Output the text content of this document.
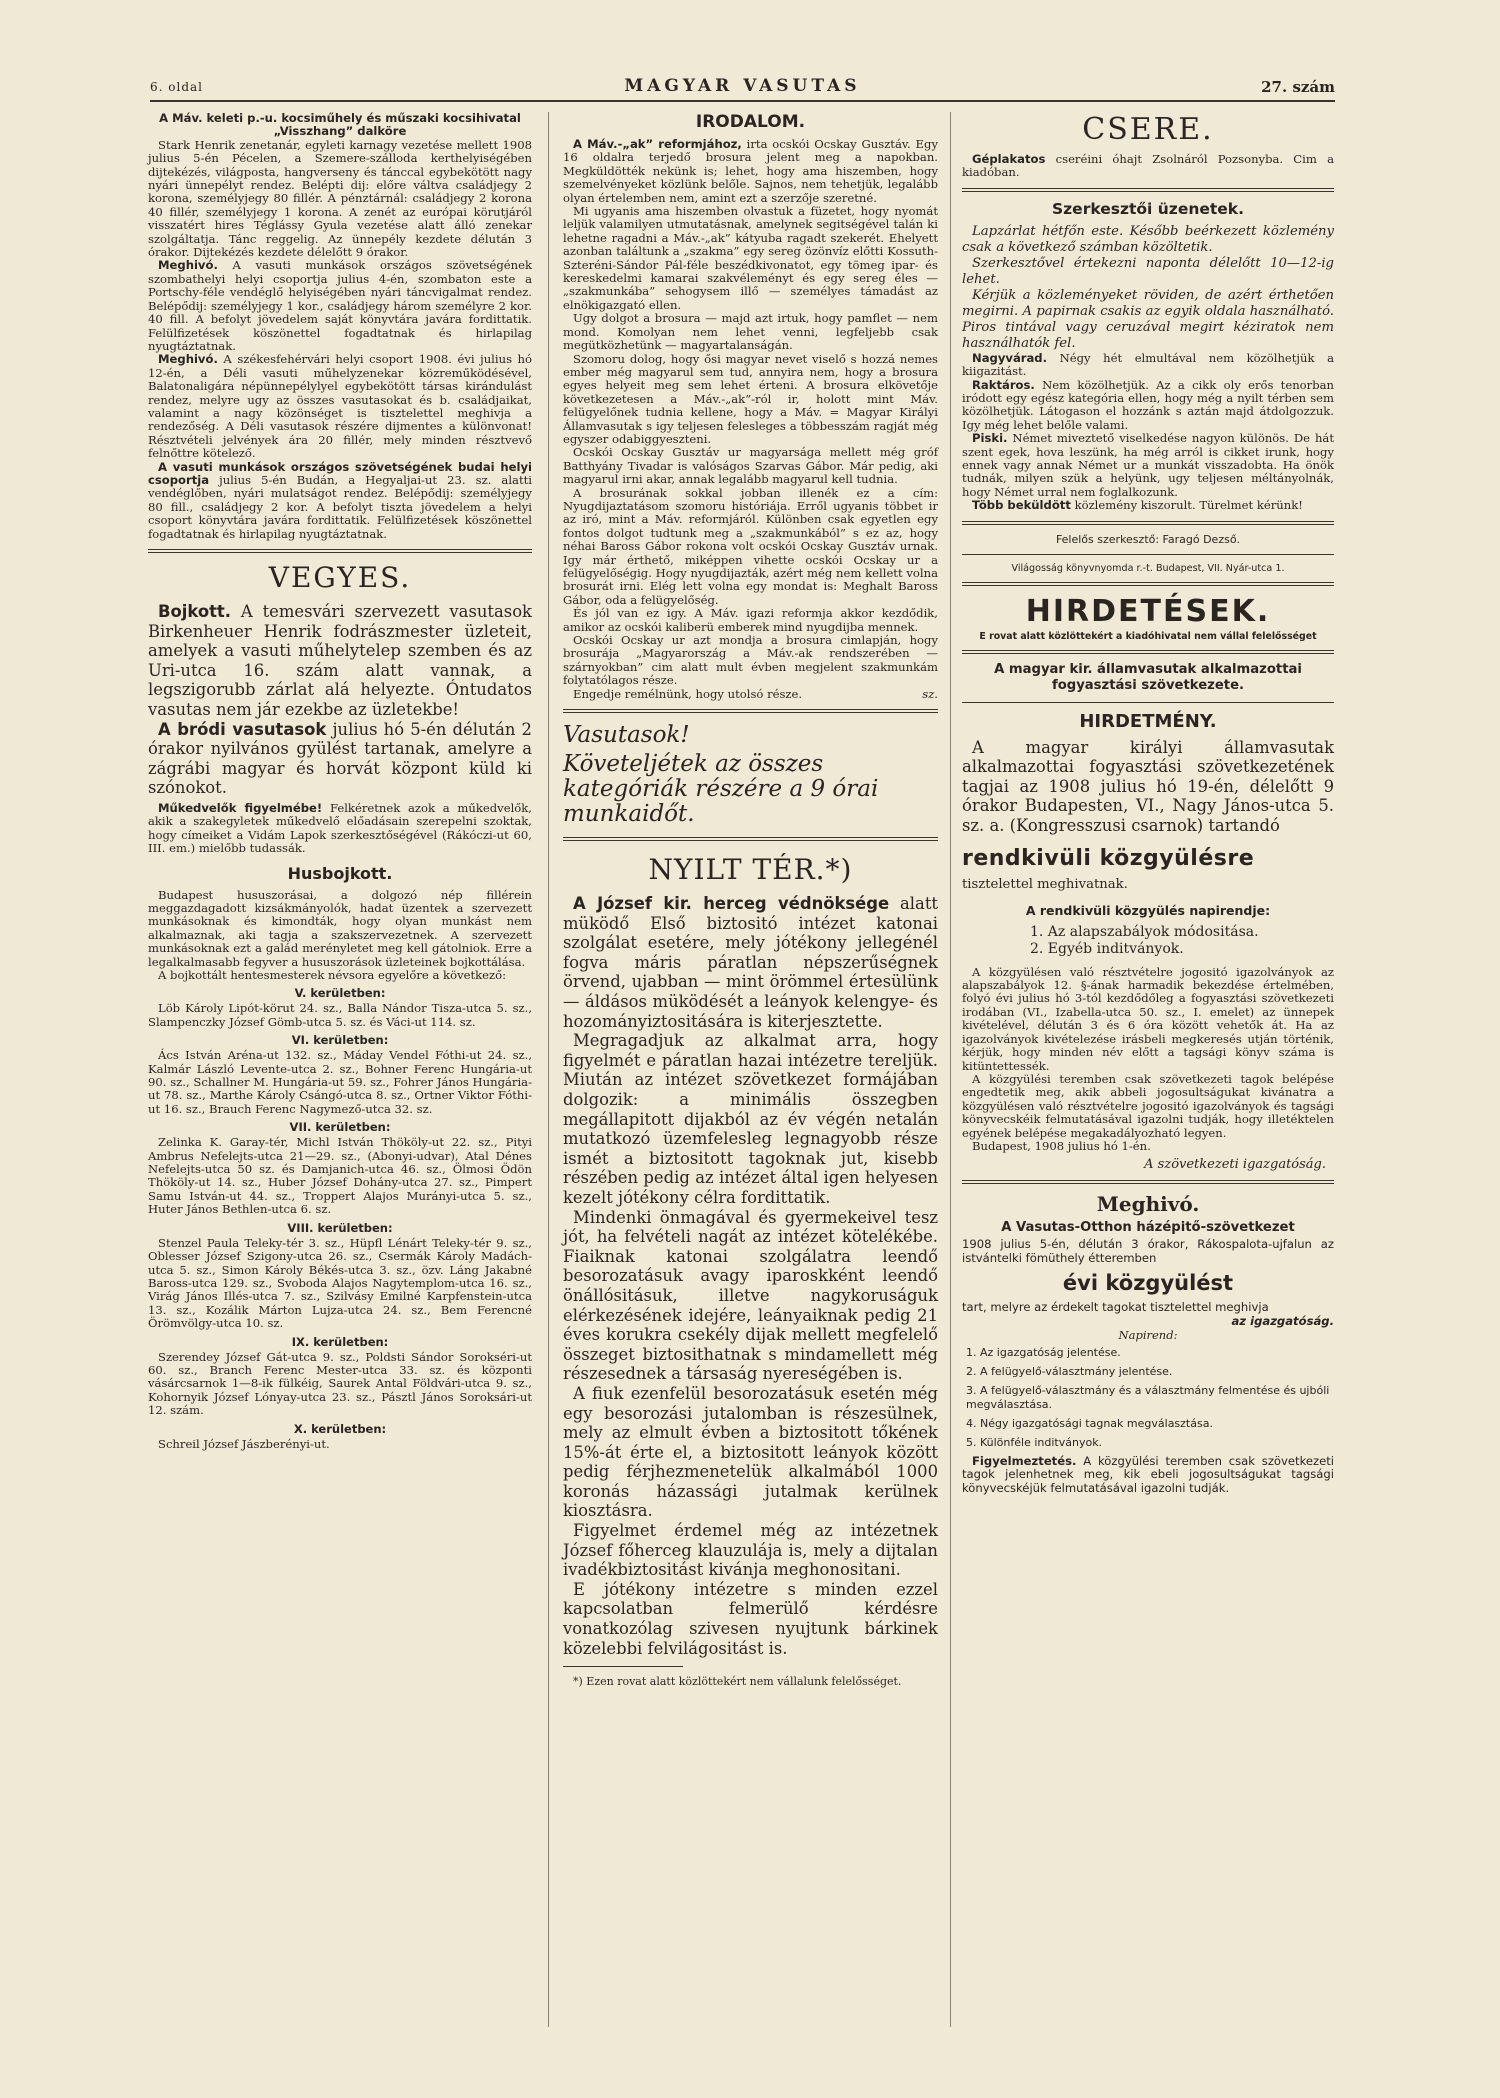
6. oldal	MAGYAR VASUTAS	27. szám

A Máv. keleti p.-u. kocsiműhely és műszaki kocsihivatal „Visszhang” dalköre

Stark Henrik zenetanár, egyleti karnagy vezetése mellett 1908 julius 5-én Pécelen, a Szemere-szálloda kerthelyiségében dijtekézés, világposta, hangverseny és tánccal egybekötött nagy nyári ünnepélyt rendez. Belépti dij: előre váltva családjegy 2 korona, személyjegy 80 fillér. A pénztárnál: családjegy 2 korona 40 fillér, személyjegy 1 korona. A zenét az európai körutjáról visszatért hires Téglássy Gyula vezetése alatt álló zenekar szolgáltatja. Tánc reggelig. Az ünnepély kezdete délután 3 órakor. Dijtekézés kezdete délelőtt 9 órakor.

Meghivó. A vasuti munkások országos szövetségének szombathelyi helyi csoportja julius 4-én, szombaton este a Portschy-féle vendéglő helyiségében nyári táncvigalmat rendez. Belépődij: személyjegy 1 kor., családjegy három személyre 2 kor. 40 fill. A befolyt jövedelem saját könyvtára javára fordittatik. Felülfizetések köszönettel fogadtatnak és hirlapilag nyugtáztatnak.

Meghivó. A székesfehérvári helyi csoport 1908. évi julius hó 12-én, a Déli vasuti műhelyzenekar közreműködésével, Balatonaligára népünnepélylyel egybekötött társas kirándulást rendez, melyre ugy az összes vasutasokat és b. családjaikat, valamint a nagy közönséget is tisztelettel meghivja a rendezőség. A Déli vasutasok részére dijmentes a különvonat! Résztvételi jelvények ára 20 fillér, mely minden résztvevő felnőttre kötelező.

A vasuti munkások országos szövetségének budai helyi csoportja julius 5-én Budán, a Hegyaljai-ut 23. sz. alatti vendéglőben, nyári mulatságot rendez. Belépődij: személyjegy 80 fill., családjegy 2 kor. A befolyt tiszta jövedelem a helyi csoport könyvtára javára fordittatik. Felülfizetések köszönettel fogadtatnak és hirlapilag nyugtáztatnak.

VEGYES.

Bojkott. A temesvári szervezett vasutasok Birkenheuer Henrik fodrászmester üzleteit, amelyek a vasuti műhelytelep szemben és az Uri-utca 16. szám alatt vannak, a legszigorubb zárlat alá helyezte. Óntudatos vasutas nem jár ezekbe az üzletekbe!

A bródi vasutasok julius hó 5-én délután 2 órakor nyilvános gyülést tartanak, amelyre a zágrábi magyar és horvát központ küld ki szónokot.

Műkedvelők figyelmébe! Felkéretnek azok a műkedvelők, akik a szakegyletek műkedvelő előadásain szerepelni szoktak, hogy címeiket a Vidám Lapok szerkesztőségével (Rákóczi-ut 60, III. em.) mielőbb tudassák.

Husbojkott.

Budapest hususzorásai, a dolgozó nép fillérein meggazdagadott kizsákmányolók, hadat üzentek a szervezett munkásoknak és kimondták, hogy olyan munkást nem alkalmaznak, aki tagja a szakszervezetnek. A szervezett munkásoknak ezt a galád merényletet meg kell gátolniok. Erre a legalkalmasabb fegyver a hususzorások üzleteinek bojkottálása.

A bojkottált hentesmesterek névsora egyelőre a következő:

V. kerületben:

Löb Károly Lipót-körut 24. sz., Balla Nándor Tisza-utca 5. sz., Slampenczky József Gömb-utca 5. sz. és Váci-ut 114. sz.

VI. kerületben:

Ács István Aréna-ut 132. sz., Máday Vendel Fóthi-ut 24. sz., Kalmár László Levente-utca 2. sz., Bohner Ferenc Hungária-ut 90. sz., Schallner M. Hungária-ut 59. sz., Fohrer János Hungária-ut 78. sz., Marthe Károly Csángó-utca 8. sz., Ortner Viktor Fóthi-ut 16. sz., Brauch Ferenc Nagymező-utca 32. sz.

VII. kerületben:

Zelinka K. Garay-tér, Michl István Thököly-ut 22. sz., Pityi Ambrus Nefelejts-utca 21—29. sz., (Abonyi-udvar), Atal Dénes Nefelejts-utca 50 sz. és Damjanich-utca 46. sz., Ölmosi Ödön Thököly-ut 14. sz., Huber József Dohány-utca 27. sz., Pimpert Samu István-ut 44. sz., Troppert Alajos Murányi-utca 5. sz., Huter János Bethlen-utca 6. sz.

VIII. kerületben:

Stenzel Paula Teleky-tér 3. sz., Hüpfl Lénárt Teleky-tér 9. sz., Oblesser József Szigony-utca 26. sz., Csermák Károly Madách-utca 5. sz., Simon Károly Békés-utca 3. sz., özv. Láng Jakabné Baross-utca 129. sz., Svoboda Alajos Nagytemplom-utca 16. sz., Virág János Illés-utca 7. sz., Szilvásy Emilné Karpfenstein-utca 13. sz., Kozálik Márton Lujza-utca 24. sz., Bem Ferencné Örömvölgy-utca 10. sz.

IX. kerületben:

Szerendey József Gát-utca 9. sz., Poldsti Sándor Sorokséri-ut 60. sz., Branch Ferenc Mester-utca 33. sz. és központi vásárcsarnok 1—8-ik fülkéig, Saurek Antal Földvári-utca 9. sz., Kohornyik József Lónyay-utca 23. sz., Pásztl János Soroksári-ut 12. szám.

X. kerületben:

Schreil József Jászberényi-ut.

IRODALOM.

A Máv.-„ak” reformjához, irta ocskói Ocskay Gusztáv. Egy 16 oldalra terjedő brosura jelent meg a napokban. Megküldötték nekünk is; lehet, hogy ama hiszemben, hogy szemelvényeket közlünk belőle. Sajnos, nem tehetjük, legalább olyan értelemben nem, amint ezt a szerzője szeretné.

Mi ugyanis ama hiszemben olvastuk a füzetet, hogy nyomát leljük valamilyen utmutatásnak, amelynek segitségével talán ki lehetne ragadni a Máv.-„ak” kátyuba ragadt szekerét. Ehelyett azonban találtunk a „szakma” egy sereg özönvíz előtti Kossuth-Szteréni-Sándor Pál-féle beszédkivonatot, egy tömeg ipar- és kereskedelmi kamarai szakvéleményt és egy sereg éles — „szakmunkába” sehogysem illő — személyes támadást az elnökigazgató ellen.

Ugy dolgot a brosura — majd azt irtuk, hogy pamflet — nem mond. Komolyan nem lehet venni, legfeljebb csak megütközhetünk — magyartalanságán.

Szomoru dolog, hogy ősi magyar nevet viselő s hozzá nemes ember még magyarul sem tud, annyira nem, hogy a brosura egyes helyeit meg sem lehet érteni. A brosura elkövetője következetesen a Máv.-„ak”-ról ir, holott mint Máv. felügyelőnek tudnia kellene, hogy a Máv. = Magyar Királyi Államvasutak s igy teljesen felesleges a többesszám ragját még egyszer odabiggyeszteni.

Ocskói Ocskay Gusztáv ur magyarsága mellett még gróf Batthyány Tivadar is valóságos Szarvas Gábor. Már pedig, aki magyarul irni akar, annak legalább magyarul kell tudnia.

A brosurának sokkal jobban illenék ez a cím: Nyugdijaztatásom szomoru históriája. Erről ugyanis többet ir az iró, mint a Máv. reformjáról. Különben csak egyetlen egy fontos dolgot tudtunk meg a „szakmunkából” s ez az, hogy néhai Baross Gábor rokona volt ocskói Ocskay Gusztáv urnak. Igy már érthető, miképpen vihette ocskói Ocskay ur a felügyelőségig. Hogy nyugdijazták, azért még nem kellett volna brosurát irni. Elég lett volna egy mondat is: Meghalt Baross Gábor, oda a felügyelőség.

És jól van ez igy. A Máv. igazi reformja akkor kezdődik, amikor az ocskói kaliberü emberek mind nyugdijba mennek.

Ocskói Ocskay ur azt mondja a brosura cimlapján, hogy brosurája „Magyarország a Máv.-ak rendszerében — szárnyokban” cim alatt mult évben megjelent szakmunkám folytatólagos része.

Engedje remélnünk, hogy utolsó része.	sz.

Vasutasok!
Követeljétek az összes kategóriák részére a 9 órai munkaidőt.
NYILT TÉR.*)

A József kir. herceg védnöksége alatt müködő Első biztositó intézet katonai szolgálat esetére, mely jótékony jellegénél fogva máris páratlan népszerűségnek örvend, ujabban — mint örömmel értesülünk — áldásos müködését a leányok kelengye- és hozományiztositására is kiterjesztette.

Megragadjuk az alkalmat arra, hogy figyelmét e páratlan hazai intézetre tereljük. Miután az intézet szövetkezet formájában dolgozik: a minimális összegben megállapitott dijakból az év végén netalán mutatkozó üzemfelesleg legnagyobb része ismét a biztositott tagoknak jut, kisebb részében pedig az intézet által igen helyesen kezelt jótékony célra fordittatik.

Mindenki önmagával és gyermekeivel tesz jót, ha felvételi nagát az intézet kötelékébe. Fiaiknak katonai szolgálatra leendő besorozatásuk avagy iparoskként leendő önállósitásuk, illetve nagykoruságuk elérkezésének idejére, leányaiknak pedig 21 éves korukra csekély dijak mellett megfelelő összeget biztosithatnak s mindamellett még részesednek a társaság nyereségében is.

A fiuk ezenfelül besorozatásuk esetén még egy besorozási jutalomban is részesülnek, mely az elmult évben a biztositott tőkének 15%-át érte el, a biztositott leányok között pedig férjhezmenetelük alkalmából 1000 koronás házassági jutalmak kerülnek kiosztásra.

Figyelmet érdemel még az intézetnek József főherceg klauzulája is, mely a dijtalan ivadékbiztositást kivánja meghonositani.

E jótékony intézetre s minden ezzel kapcsolatban felmerülő kérdésre vonatkozólag szivesen nyujtunk bárkinek közelebbi felvilágositást is.

*) Ezen rovat alatt közlöttekért nem vállalunk felelősséget.

CSERE.

Géplakatos cseréini óhajt Zsolnáról Pozsonyba. Cim a kiadóban.

Szerkesztői üzenetek.

Lapzárlat hétfőn este. Később beérkezett közlemény csak a következő számban közöltetik.

Szerkesztővel értekezni naponta délelőtt 10—12-ig lehet.

Kérjük a közleményeket röviden, de azért érthetően megirni. A papirnak csakis az egyik oldala használható. Piros tintával vagy ceruzával megirt kéziratok nem használhatók fel.

Nagyvárad. Négy hét elmultával nem közölhetjük a kiigazitást.

Raktáros. Nem közölhetjük. Az a cikk oly erős tenorban iródott egy egész kategória ellen, hogy még a nyilt térben sem közölhetjük. Látogason el hozzánk s aztán majd átdolgozzuk. Igy még lehet belőle valami.

Piski. Német miveztető viselkedése nagyon különös. De hát szent egek, hova leszünk, ha még arról is cikket irunk, hogy ennek vagy annak Német ur a munkát visszadobta. Ha önök tudnák, milyen szük a helyünk, ugy teljesen méltányolnák, hogy Német urral nem foglalkozunk.

Több beküldött közlemény kiszorult. Türelmet kérünk!

Felelős szerkesztő: Faragó Dezső.
Világosság könyvnyomda r.-t. Budapest, VII. Nyár-utca 1.
HIRDETÉSEK.
E rovat alatt közlöttekért a kiadóhivatal nem vállal felelősséget
A magyar kir. államvasutak alkalmazottai fogyasztási szövetkezete.
HIRDETMÉNY.

A magyar királyi államvasutak alkalmazottai fogyasztási szövetkezetének tagjai az 1908 julius hó 19-én, délelőtt 9 órakor Budapesten, VI., Nagy János-utca 5. sz. a. (Kongresszusi csarnok) tartandó

rendkivüli közgyülésre

tisztelettel meghivatnak.

A rendkivüli közgyülés napirendje:
1. Az alapszabályok módositása.
2. Egyéb inditványok.

A közgyülésen való résztvételre jogositó igazolványok az alapszabályok 12. §-ának harmadik bekezdése értelmében, folyó évi julius hó 3-tól kezdődőleg a fogyasztási szövetkezeti irodában (VI., Izabella-utca 50. sz., I. emelet) az ünnepek kivételével, délután 3 és 6 óra között vehetők át. Ha az igazolványok kivételezése irásbeli megkeresés utján történik, kérjük, hogy minden név előtt a tagsági könyv száma is kitüntettessék.

A közgyülési teremben csak szövetkezeti tagok belépése engedtetik meg, akik abbeli jogosultságukat kivánatra a közgyülésen való résztvételre jogositó igazolványok és tagsági könyvecskéik felmutatásával igazolni tudják, hogy illetéktelen egyének belépése megakadályozható legyen.

Budapest, 1908 julius hó 1-én.

A szövetkezeti igazgatóság.
Meghivó.
A Vasutas-Otthon házépitő-szövetkezet

1908 julius 5-én, délután 3 órakor, Rákospalota-ujfalun az istvántelki fömüthely étteremben

évi közgyülést

tart, melyre az érdekelt tagokat tisztelettel meghivja
az igazgatóság.

Napirend:
1. Az igazgatóság jelentése.
2. A felügyelő-választmány jelentése.
3. A felügyelő-választmány és a választmány felmentése és ujbóli megválasztása.
4. Négy igazgatósági tagnak megválasztása.
5. Különféle inditványok.

Figyelmeztetés. A közgyülési teremben csak szövetkezeti tagok jelenhetnek meg, kik ebeli jogosultságukat tagsági könyvecskéjük felmutatásával igazolni tudják.
